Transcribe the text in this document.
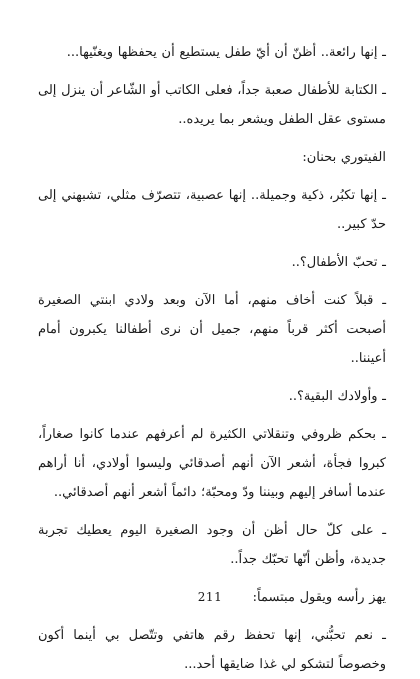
ـ إنها رائعة.. أظنّ أن أيّ طفل يستطيع أن يحفظها ويغنّيها...

ـ الكتابة للأطفال صعبة جداً، فعلى الكاتب أو الشّاعر أن ينزل إلى مستوى عقل الطفل ويشعر بما يريده..

الفيتوري بحنان:

ـ إنها تكبُر، ذكية وجميلة.. إنها عصبية، تتصرّف مثلي، تشبهني إلى حدّ كبير..

ـ تحبّ الأطفال؟..

ـ قبلاً كنت أخاف منهم، أما الآن وبعد ولادي ابنتي الصغيرة أصبحت أكثر قرباً منهم، جميل أن نرى أطفالنا يكبرون أمام أعيننا..

ـ وأولادك البقية؟..

ـ بحكم ظروفي وتنقلاتي الكثيرة لم أعرفهم عندما كانوا صغاراً، كبروا فجأة، أشعر الآن أنهم أصدقائي وليسوا أولادي، أنا أراهم عندما أسافر إليهم وبيننا ودّ ومحبّة؛ دائماً أشعر أنهم أصدقائي..

ـ على كلّ حال أظن أن وجود الصغيرة اليوم يعطيك تجربة جديدة، وأظن أنّها تحبّك جداً..

يهز رأسه ويقول مبتسماً:

ـ نعم تحبُّني، إنها تحفظ رقم هاتفي وتتّصل بي أينما أكون وخصوصاً لتشكو لي غذا ضايقها أحد...

211
